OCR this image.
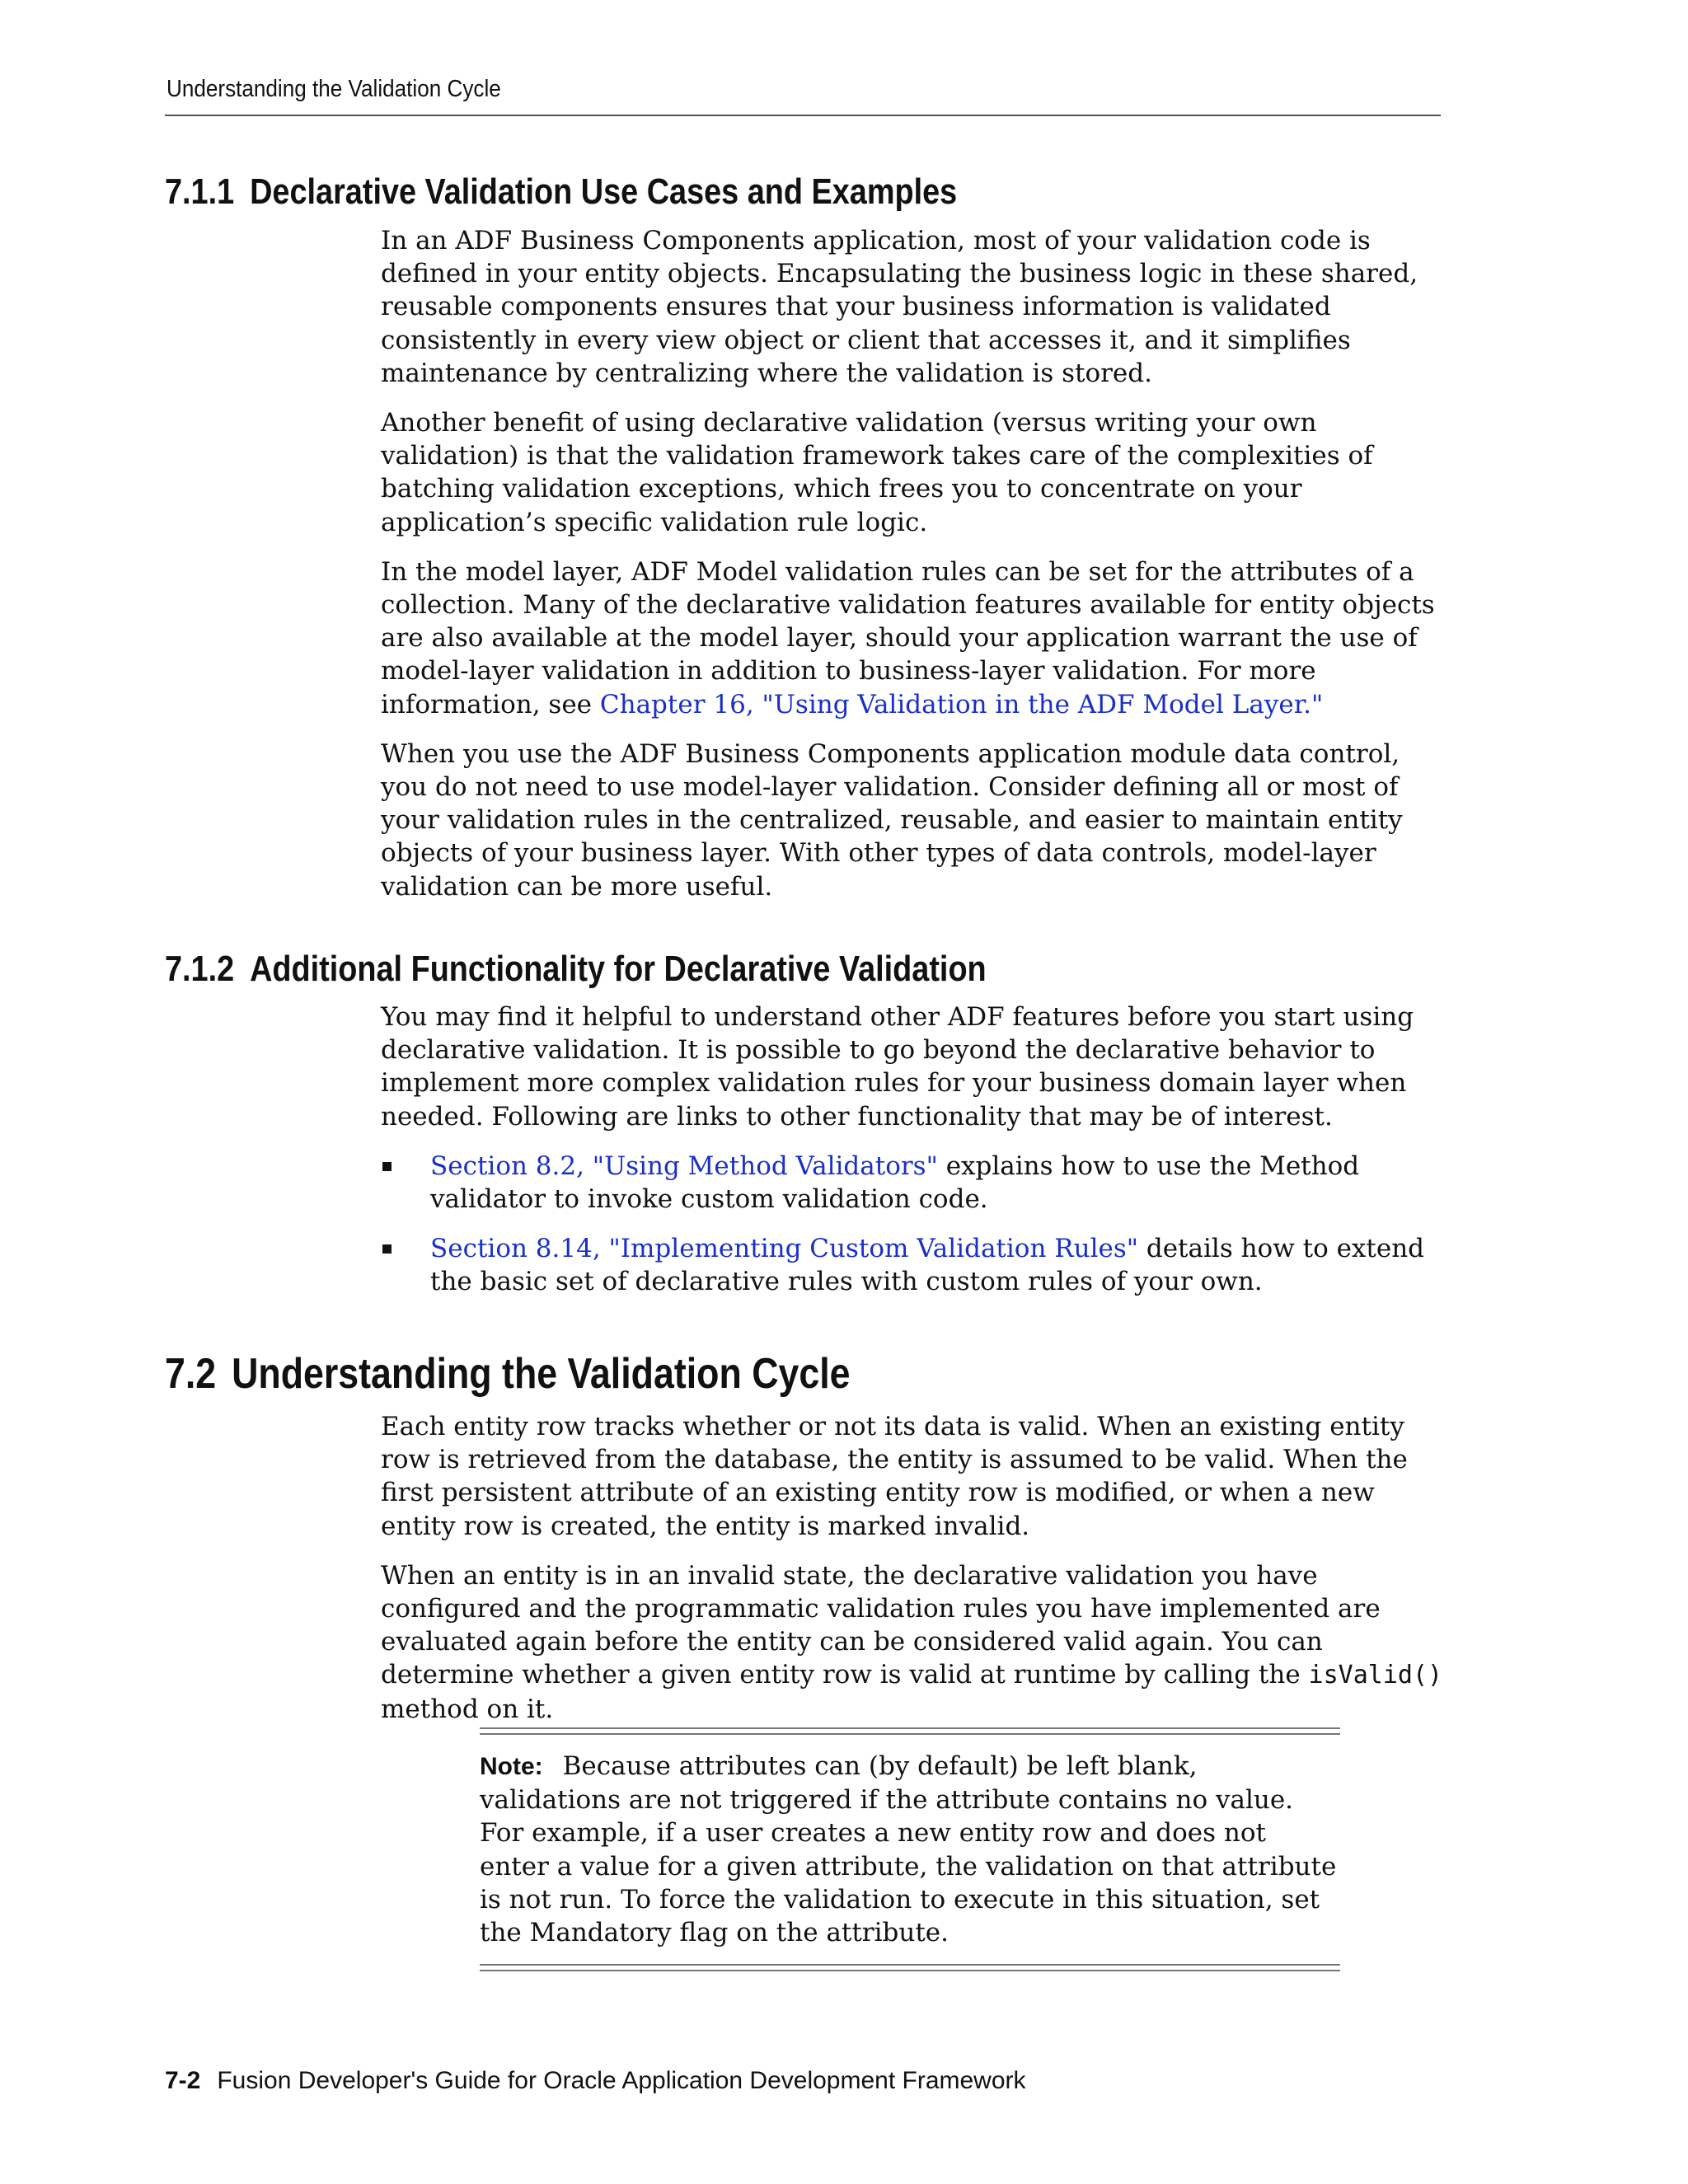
Understanding the Validation Cycle
7.1.1 Declarative Validation Use Cases and Examples

In an ADF Business Components application, most of your validation code is defined in your entity objects. Encapsulating the business logic in these shared, reusable components ensures that your business information is validated consistently in every view object or client that accesses it, and it simplifies maintenance by centralizing where the validation is stored.

Another benefit of using declarative validation (versus writing your own validation) is that the validation framework takes care of the complexities of batching validation exceptions, which frees you to concentrate on your application’s specific validation rule logic.

In the model layer, ADF Model validation rules can be set for the attributes of a collection. Many of the declarative validation features available for entity objects are also available at the model layer, should your application warrant the use of model-layer validation in addition to business-layer validation. For more information, see Chapter 16, "Using Validation in the ADF Model Layer."

When you use the ADF Business Components application module data control, you do not need to use model-layer validation. Consider defining all or most of your validation rules in the centralized, reusable, and easier to maintain entity objects of your business layer. With other types of data controls, model-layer validation can be more useful.

7.1.2 Additional Functionality for Declarative Validation

You may find it helpful to understand other ADF features before you start using declarative validation. It is possible to go beyond the declarative behavior to implement more complex validation rules for your business domain layer when needed. Following are links to other functionality that may be of interest.

Section 8.2, "Using Method Validators" explains how to use the Method validator to invoke custom validation code.
Section 8.14, "Implementing Custom Validation Rules" details how to extend the basic set of declarative rules with custom rules of your own.
7.2 Understanding the Validation Cycle

Each entity row tracks whether or not its data is valid. When an existing entity row is retrieved from the database, the entity is assumed to be valid. When the first persistent attribute of an existing entity row is modified, or when a new entity row is created, the entity is marked invalid.

When an entity is in an invalid state, the declarative validation you have configured and the programmatic validation rules you have implemented are evaluated again before the entity can be considered valid again. You can determine whether a given entity row is valid at runtime by calling the isValid() method on it.

Note: Because attributes can (by default) be left blank, validations are not triggered if the attribute contains no value. For example, if a user creates a new entity row and does not enter a value for a given attribute, the validation on that attribute is not run. To force the validation to execute in this situation, set the Mandatory flag on the attribute.
7-2 Fusion Developer's Guide for Oracle Application Development Framework
